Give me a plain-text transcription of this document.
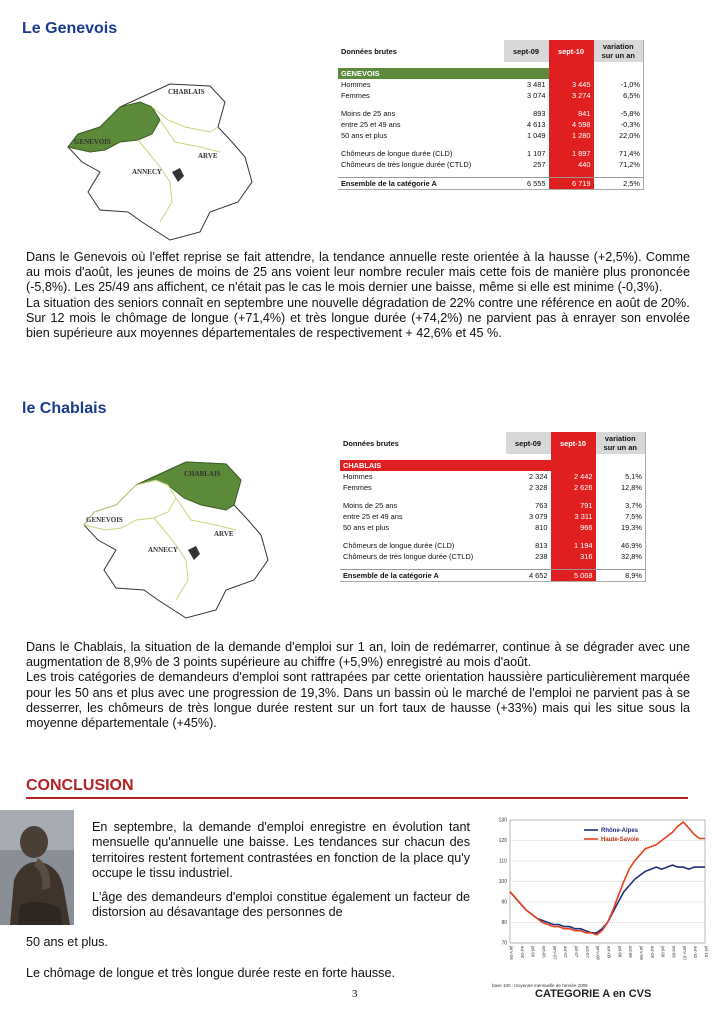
Le Genevois
CHABLAIS
GENEVOIS
ARVE
ANNECY
Données brutes	sept-09	sept-10	variation
sur un an

GENEVOIS			
Hommes	3 481	3 445	-1,0%
Femmes	3 074	3 274	6,5%

Moins de 25 ans	893	841	-5,8%
entre 25 et 49 ans	4 613	4 598	-0,3%
50 ans et plus	1 049	1 280	22,0%

Chômeurs de longue durée (CLD)	1 107	1 897	71,4%
Chômeurs de très longue durée (CTLD)	257	440	71,2%

Ensemble de la catégorie A	6 555	6 719	2,5%

Dans le Genevois où l'effet reprise se fait attendre, la tendance annuelle reste orientée à la hausse (+2,5%). Comme au mois d'août, les jeunes de moins de 25 ans voient leur nombre reculer mais cette fois de manière plus prononcée (-5,8%). Les 25/49 ans affichent, ce n'était pas le cas le mois dernier une baisse, même si elle est minime (-0,3%).

La situation des seniors connaît en septembre une nouvelle dégradation de 22% contre une référence en août de 20%.

Sur 12 mois le chômage de longue (+71,4%) et très longue durée (+74,2%) ne parvient pas à enrayer son envolée bien supérieure aux moyennes départementales de respectivement + 42,6% et 45 %.

le Chablais
CHABLAIS
GENEVOIS
ARVE
ANNECY
Données brutes	sept-09	sept-10	variation
sur un an

CHABLAIS			
Hommes	2 324	2 442	5,1%
Femmes	2 328	2 626	12,8%

Moins de 25 ans	763	791	3,7%
entre 25 et 49 ans	3 079	3 311	7,5%
50 ans et plus	810	966	19,3%

Chômeurs de longue durée (CLD)	813	1 194	46,9%
Chômeurs de très longue durée (CTLD)	238	316	32,8%

Ensemble de la catégorie A	4 652	5 068	8,9%

Dans le Chablais, la situation de la demande d'emploi sur 1 an, loin de redémarrer, continue à se dégrader avec une augmentation de 8,9% de 3 points supérieure au chiffre (+5,9%) enregistré au mois d'août.

Les trois catégories de demandeurs d'emploi sont rattrapées par cette orientation haussière particulièrement marquée pour les 50 ans et plus avec une progression de 19,3%. Dans un bassin où le marché de l'emploi ne parvient pas à se desserrer, les chômeurs de très longue durée restent sur un fort taux de hausse (+33%) mais qui les situe sous la moyenne départementale (+45%).

CONCLUSION

En septembre, la demande d'emploi enregistre en évolution tant mensuelle qu'annuelle une baisse. Les tendances sur chacun des territoires restent fortement contrastées en fonction de la place qu'y occupe le tissu industriel.

L'âge des demandeurs d'emploi constitue également un facteur de distorsion au désavantage des personnes de

50 ans et plus.
Le chômage de longue et très longue durée reste en forte hausse.
3
70
80
90
100
110
120
130
janv-06 avr-06 juil-06 oct-06 janv-07 avr-07 juil-07 oct-07 janv-08 avr-08 juil-08 oct-08 janv-09 avr-09 juil-09 oct-09 janv-10 avr-10 juil-10
Rhône-Alpes
Haute-Savoie
base 100 : moyenne mensuelle de l'année 2005
CATEGORIE A en CVS
